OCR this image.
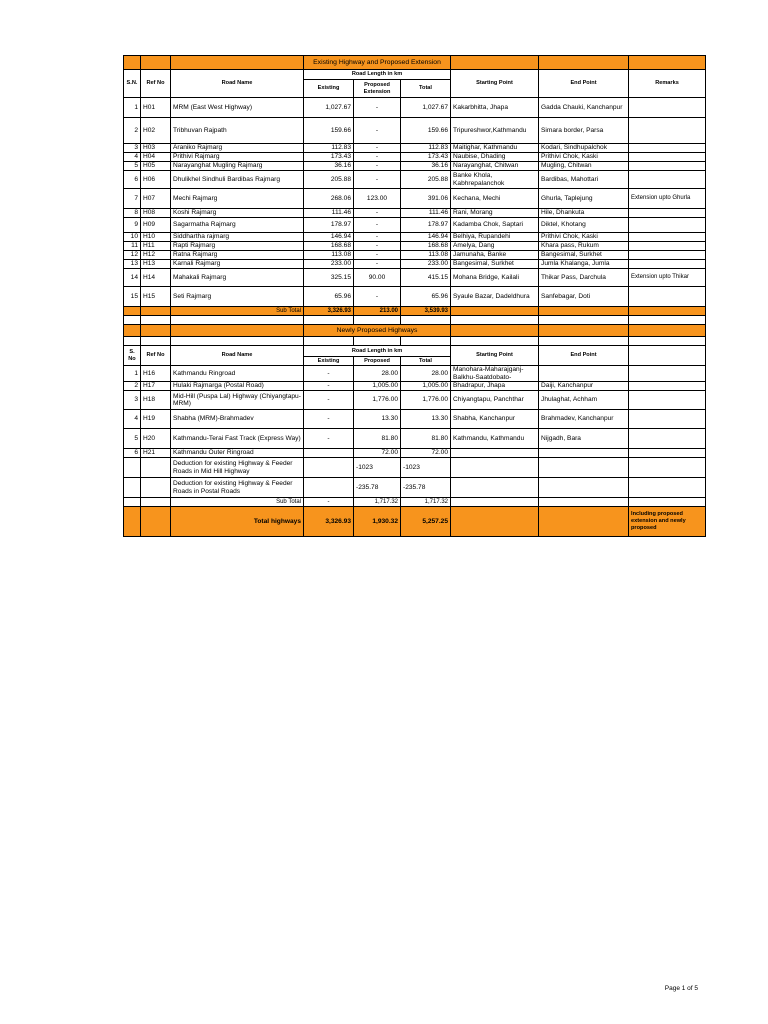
			Existing Highway and Proposed Extension					
S.N.	Ref No	Road Name	Road Length in km			Starting Point	End Point	Remarks
			Existing	Proposed Extension	Total			
1	H01	MRM (East West Highway)	1,027.67	-	1,027.67	Kakarbhitta, Jhapa	Gadda Chauki, Kanchanpur	
2	H02	Tribhuvan Rajpath	159.66	-	159.66	Tripureshwor,Kathmandu	Simara border, Parsa	
3	H03	Araniko Rajmarg	112.83	-	112.83	Maitighar, Kathmandu	Kodari, Sindhupalchok	
4	H04	Prithivi Rajmarg	173.43	-	173.43	Naubise, Dhading	Prithivi Chok, Kaski	
5	H05	Narayanghat Mugling Rajmarg	36.16	-	36.16	Narayanghat, Chitwan	Mugling, Chitwan	
6	H06	Dhulikhel Sindhuli Bardibas Rajmarg	205.88	-	205.88	Banke Khola, Kabhrepalanchok	Bardibas, Mahottari	
7	H07	Mechi Rajmarg	268.06	123.00	391.06	Kechana, Mechi	Ghurla, Taplejung	Extension upto Ghurla
8	H08	Koshi Rajmarg	111.46	-	111.46	Rani, Morang	Hile, Dhankuta	
9	H09	Sagarmatha Rajmarg	178.97	-	178.97	Kadamba Chok, Saptari	Diktel, Khotang	
10	H10	Siddhartha rajmarg	146.94	-	146.94	Belhiya, Rupandehi	Prithivi Chok, Kaski	
11	H11	Rapti Rajmarg	168.68	-	168.68	Amelya, Dang	Khara pass, Rukum	
12	H12	Ratna Rajmarg	113.08	-	113.08	Jamunaha, Banke	Bangesimal, Surkhet	
13	H13	Karnali Rajmarg	233.00	-	233.00	Bangesimal, Surkhet	Jumla Khalanga, Jumla	
14	H14	Mahakali Rajmarg	325.15	90.00	415.15	Mohana Bridge, Kailali	Thikar Pass, Darchula	Extension upto Thikar
15	H15	Seti Rajmarg	65.96	-	65.96	Syaule Bazar, Dadeldhura	Sanfebagar, Doti	
		Sub Total	3,326.93	213.00	3,539.93			

			Newly Proposed Highways					

S. No	Ref No	Road Name	Road Length in km			Starting Point	End Point	
			Existing	Proposed	Total			
1	H16	Kathmandu Ringroad	-	28.00	28.00	Manohara-Maharajganj-Balkhu-Saatdobato-		
2	H17	Hulaki Rajmarga (Postal Road)	-	1,005.00	1,005.00	Bhadrapur, Jhapa	Daiji, Kanchanpur	
3	H18	Mid-Hill (Puspa Lal) Highway (Chiyangtapu-MRM)	-	1,776.00	1,776.00	Chiyangtapu, Panchthar	Jhulaghat, Achham	
4	H19	Shabha (MRM)-Brahmadev	-	13.30	13.30	Shabha, Kanchanpur	Brahmadev, Kanchanpur	
5	H20	Kathmandu-Terai Fast Track (Express Way)	-	81.80	81.80	Kathmandu, Kathmandu	Nijgadh, Bara	
6	H21	Kathmandu Outer Ringroad		72.00	72.00			
		Deduction for existing Highway & Feeder Roads in Mid Hill Highway		-1023	-1023			
		Deduction for existing Highway & Feeder Roads in Postal Roads		-235.78	-235.78			
		Sub Total	-	1,717.32	1,717.32			
		Total highways	3,326.93	1,930.32	5,257.25			Including proposed extension and newly proposed
Page 1 of 5
